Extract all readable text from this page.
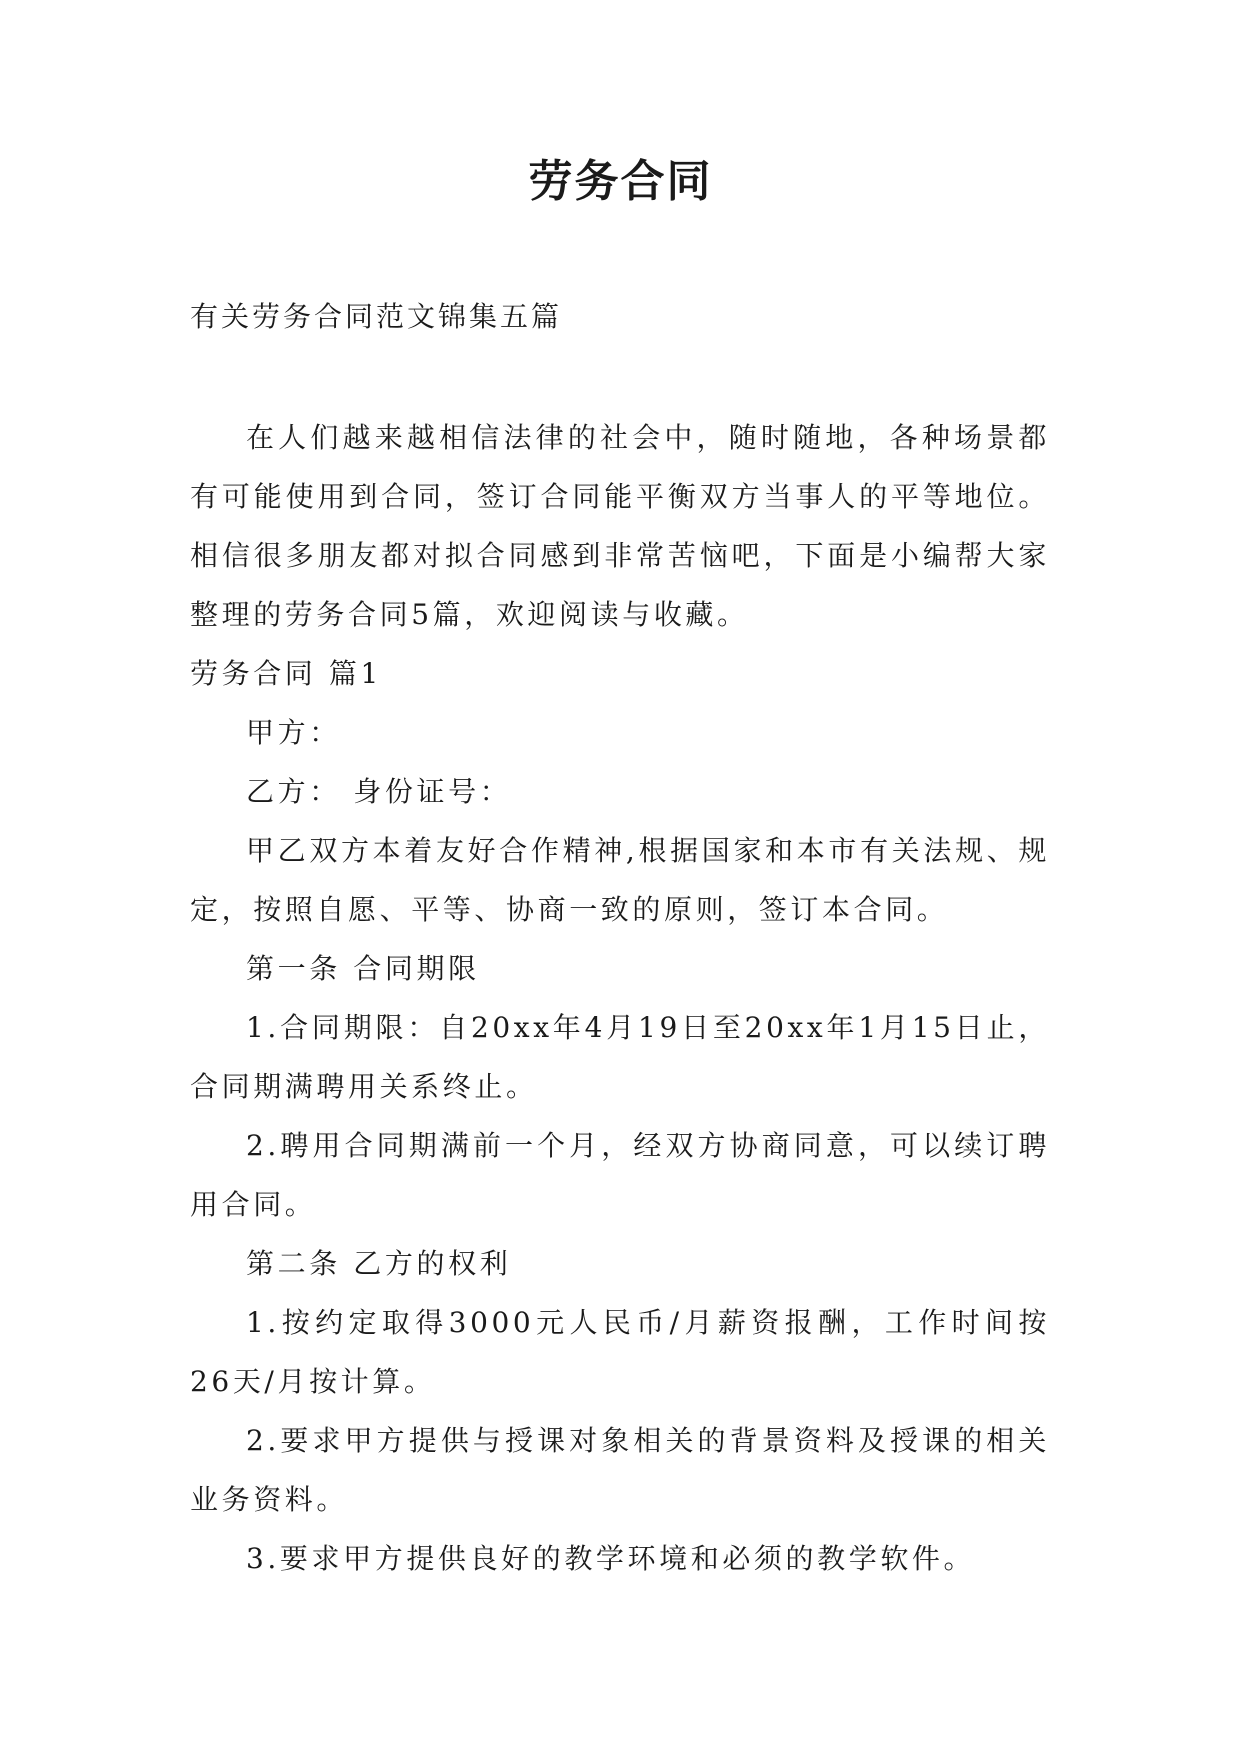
劳务合同

有关劳务合同范文锦集五篇

在人们越来越相信法律的社会中，随时随地，各种场景都有可能使用到合同，签订合同能平衡双方当事人的平等地位。相信很多朋友都对拟合同感到非常苦恼吧，下面是小编帮大家整理的劳务合同5篇，欢迎阅读与收藏。

劳务合同 篇1

甲方：

乙方： 身份证号：

甲乙双方本着友好合作精神,根据国家和本市有关法规、规定，按照自愿、平等、协商一致的原则，签订本合同。

第一条 合同期限

1.合同期限：自20xx年4月19日至20xx年1月15日止，合同期满聘用关系终止。

2.聘用合同期满前一个月，经双方协商同意，可以续订聘用合同。

第二条 乙方的权利

1.按约定取得3000元人民币/月薪资报酬，工作时间按26天/月按计算。

2.要求甲方提供与授课对象相关的背景资料及授课的相关业务资料。

3.要求甲方提供良好的教学环境和必须的教学软件。
